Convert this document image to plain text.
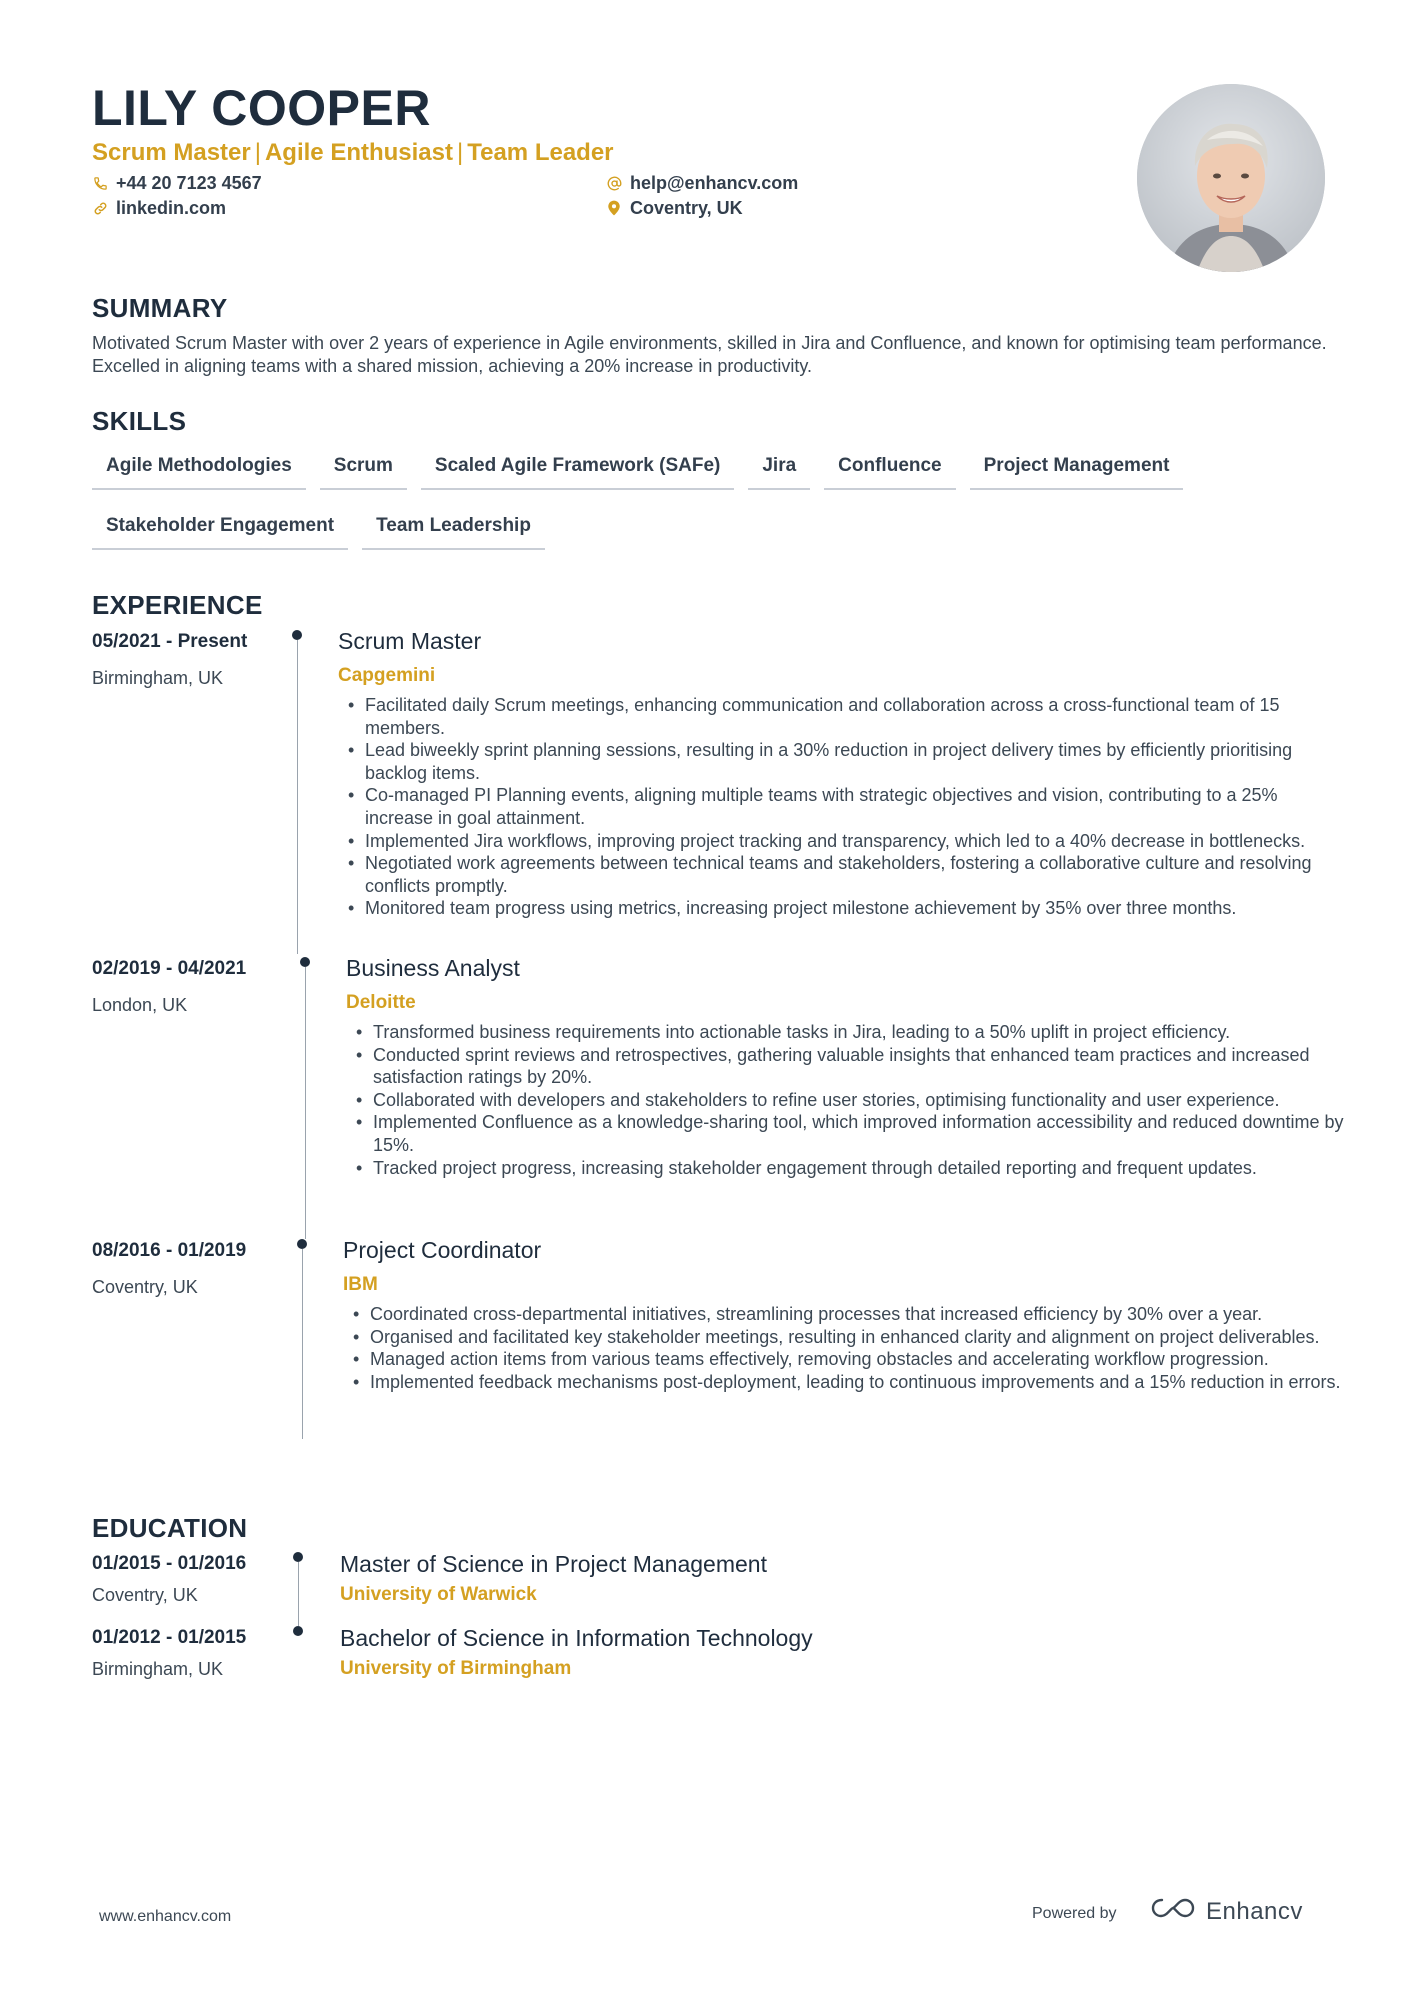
LILY COOPER
Scrum Master | Agile Enthusiast | Team Leader
+44 20 7123 4567
linkedin.com
help@enhancv.com
Coventry, UK
SUMMARY
Motivated Scrum Master with over 2 years of experience in Agile environments, skilled in Jira and Confluence, and known for optimising team performance. Excelled in aligning teams with a shared mission, achieving a 20% increase in productivity.
SKILLS
Agile Methodologies	Scrum	Scaled Agile Framework (SAFe)	Jira	Confluence	Project Management
Stakeholder Engagement	Team Leadership
EXPERIENCE
05/2021 - Present
Birmingham, UK
Scrum Master
Capgemini
• Facilitated daily Scrum meetings, enhancing communication and collaboration across a cross-functional team of 15 members.
• Lead biweekly sprint planning sessions, resulting in a 30% reduction in project delivery times by efficiently prioritising backlog items.
• Co-managed PI Planning events, aligning multiple teams with strategic objectives and vision, contributing to a 25% increase in goal attainment.
• Implemented Jira workflows, improving project tracking and transparency, which led to a 40% decrease in bottlenecks.
• Negotiated work agreements between technical teams and stakeholders, fostering a collaborative culture and resolving conflicts promptly.
• Monitored team progress using metrics, increasing project milestone achievement by 35% over three months.
02/2019 - 04/2021
London, UK
Business Analyst
Deloitte
• Transformed business requirements into actionable tasks in Jira, leading to a 50% uplift in project efficiency.
• Conducted sprint reviews and retrospectives, gathering valuable insights that enhanced team practices and increased satisfaction ratings by 20%.
• Collaborated with developers and stakeholders to refine user stories, optimising functionality and user experience.
• Implemented Confluence as a knowledge-sharing tool, which improved information accessibility and reduced downtime by 15%.
• Tracked project progress, increasing stakeholder engagement through detailed reporting and frequent updates.
08/2016 - 01/2019
Coventry, UK
Project Coordinator
IBM
• Coordinated cross-departmental initiatives, streamlining processes that increased efficiency by 30% over a year.
• Organised and facilitated key stakeholder meetings, resulting in enhanced clarity and alignment on project deliverables.
• Managed action items from various teams effectively, removing obstacles and accelerating workflow progression.
• Implemented feedback mechanisms post-deployment, leading to continuous improvements and a 15% reduction in errors.
EDUCATION
01/2015 - 01/2016
Coventry, UK
Master of Science in Project Management
University of Warwick
01/2012 - 01/2015
Birmingham, UK
Bachelor of Science in Information Technology
University of Birmingham
www.enhancv.com	Powered by	Enhancv
